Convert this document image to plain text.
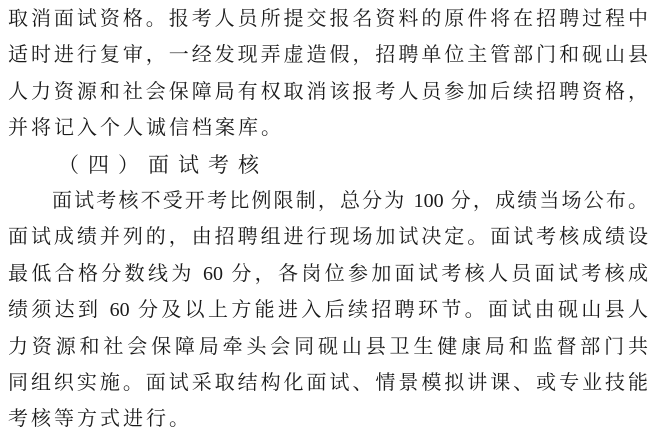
取消面试资格。报考人员所提交报名资料的原件将在招聘过程中
适时进行复审，一经发现弄虚造假，招聘单位主管部门和砚山县
人力资源和社会保障局有权取消该报考人员参加后续招聘资格，
并将记入个人诚信档案库。
（四）面试考核
面试考核不受开考比例限制，总分为 100 分，成绩当场公布。
面试成绩并列的，由招聘组进行现场加试决定。面试考核成绩设
最低合格分数线为 60 分，各岗位参加面试考核人员面试考核成
绩须达到 60 分及以上方能进入后续招聘环节。面试由砚山县人
力资源和社会保障局牵头会同砚山县卫生健康局和监督部门共
同组织实施。面试采取结构化面试、情景模拟讲课、或专业技能
考核等方式进行。
